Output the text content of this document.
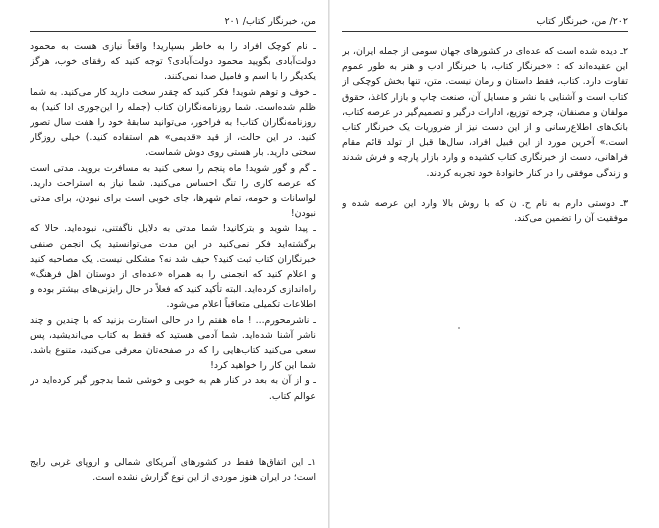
من، خبرنگار کتاب/ ۲۰۱

ـ نام کوچک افراد را به خاطر بسپارید! واقعاً نیازی هست به محمود دولت‌آبادی بگویید محمود دولت‌آبادی؟ توجه کنید که رفقای خوب، هرگز یکدیگر را با اسم و فامیل صدا نمی‌کنند.

ـ خوف و توهم شوید! فکر کنید که چقدر سخت دارید کار می‌کنید. به شما ظلم شده‌است. شما روزنامه‌نگاران کتاب (جمله را این‌جوری ادا کنید) به روزنامه‌نگاران کتاب! به فراخور، می‌توانید سابقهٔ خود را هفت سال تصور کنید. در این حالت، از قید «قدیمی» هم استفاده کنید.) خیلی روزگار سختی دارید. بار هستی روی دوش شماست.

ـ گم و گور شوید! ماه پنجم را سعی کنید به مسافرت بروید. مدتی است که عرصه کاری را تنگ احساس می‌کنید. شما نیاز به استراحت دارید. لواسانات و حومه، تمام شهرها، جای خوبی است برای نبودن، برای مدتی نبودن!

ـ پیدا شوید و بترکانید! شما مدتی به دلایل ناگفتنی، نبوده‌اید. حالا که برگشته‌اید فکر نمی‌کنید در این مدت می‌توانستید یک انجمن صنفی خبرنگاران کتاب ثبت کنید؟ حیف شد نه؟ مشکلی نیست. یک مصاحبه کنید و اعلام کنید که انجمنی را به همراه «عده‌ای از دوستان اهل فرهنگ» راه‌اندازی کرده‌اید. البته تأکید کنید که فعلاً در حال رایزنی‌های بیشتر بوده و اطلاعات تکمیلی متعاقباً اعلام می‌شود.

ـ ناشرمحورم... ! ماه هفتم را در حالی استارت بزنید که با چندین و چند ناشر آشنا شده‌اید. شما آدمی هستید که فقط به کتاب می‌اندیشید، پس سعی می‌کنید کتاب‌هایی را که در صفحه‌تان معرفی می‌کنید، متنوع باشد. شما این کار را خواهید کرد!

ـ و از آن به بعد در کنار هم به خوبی و خوشی شما بدجور گیر کرده‌اید در عوالم کتاب.

۱ـ این اتفاق‌ها فقط در کشورهای آمریکای شمالی و اروپای غربی رایج است؛ در ایران هنوز موردی از این نوع گزارش نشده است.

۲۰۲/ من، خبرنگار کتاب

۲ـ دیده شده است که عده‌ای در کشورهای جهان سومی از جمله ایران، بر این عقیده‌اند که : «خبرنگار کتاب، با خبرنگار ادب و هنر به طور عموم تفاوت دارد. کتاب، فقط داستان و رمان نیست. متن، تنها بخش کوچکی از کتاب است و آشنایی با نشر و مسایل آن، صنعت چاپ و بازار کاغذ، حقوق مولفان و مصنفان، چرخه توزیع، ادارات درگیر و تصمیم‌گیر در عرصه کتاب، بانک‌های اطلاع‌رسانی و از این دست نیز از ضروریات یک خبرنگار کتاب است.» آخرین مورد از این قبیل افراد، سال‌ها قبل از تولد قائم مقام فراهانی، دست از خبرنگاری کتاب کشیده و وارد بازار پارچه و فرش شدند و زندگی موفقی را در کنار خانوادهٔ خود تجربه کردند.

۳ـ دوستی دارم به نام ح. ن که با روش بالا وارد این عرصه شده و موفقیت آن را تضمین می‌کند.
